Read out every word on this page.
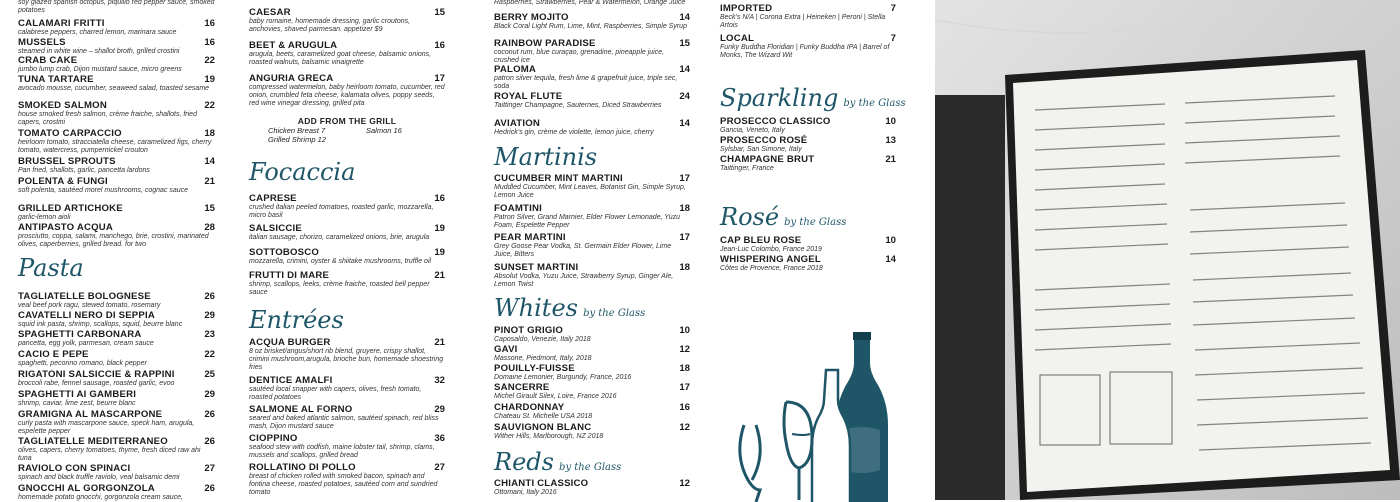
soy glazed spanish octopus, piquillo red pepper sauce, smoked potatoes
CALAMARI FRITTI	16
calabrese peppers, charred lemon, marinara sauce
MUSSELS	16
steamed in white wine – shallot broth, grilled crostini
CRAB CAKE	22
jumbo lump crab, Dijon mustard sauce, micro greens
TUNA TARTARE	19
avocado mousse, cucumber, seaweed salad, toasted sesame
SMOKED SALMON	22
house smoked fresh salmon, crème fraiche, shallots, fried capers, crostini
TOMATO CARPACCIO	18
heirloom tomato, stracciatella cheese, caramelized figs, cherry tomato, watercress, pumpernickel crouton
BRUSSEL SPROUTS	14
Pan fried, shallots, garlic, pancetta lardons
POLENTA & FUNGI	21
soft polenta, sautéed morel mushrooms, cognac sauce
GRILLED ARTICHOKE	15
garlic-lemon aioli
ANTIPASTO ACQUA	28
prosciutto, coppa, salami, manchego, brie, crostini, marinated olives, caperberries, grilled bread. for two
Pasta
TAGLIATELLE BOLOGNESE	26
veal beef pork ragu, stewed tomato, rosemary
CAVATELLI NERO DI SEPPIA	29
squid ink pasta, shrimp, scallops, squid, beurre blanc
SPAGHETTI CARBONARA	23
pancetta, egg yolk, parmesan, cream sauce
CACIO E PEPE	22
spaghetti, pecorino romano, black pepper
RIGATONI SALSICCIE & RAPPINI	25
broccoli rabe, fennel sausage, roasted garlic, evoo
SPAGHETTI AI GAMBERI	29
shrimp, caviar, lime zest, beurre blanc
GRAMIGNA AL MASCARPONE	26
curly pasta with mascarpone sauce, speck ham, arugula, espelette pepper
TAGLIATELLE MEDITERRANEO	26
olives, capers, cherry tomatoes, thyme, fresh diced raw ahi tuna
RAVIOLO CON SPINACI	27
spinach and black truffle raviolo, veal balsamic demi
GNOCCHI AL GORGONZOLA	26
homemade potato gnocchi, gorgonzola cream sauce,
CAESAR	15
baby romaine, homemade dressing, garlic croutons, anchovies, shaved parmesan. appetizer $9
BEET & ARUGULA	16
arugula, beets, caramelized goat cheese, balsamic onions, roasted walnuts, balsamic vinaigrette
ANGURIA GRECA	17
compressed watermelon, baby heirloom tomato, cucumber, red onion, crumbled feta cheese, kalamata olives, poppy seeds, red wine vinegar dressing, grilled pita
ADD FROM THE GRILL
Chicken Breast 7	Salmon 16
Grilled Shrimp 12
Focaccia
CAPRESE	16
crushed italian peeled tomatoes, roasted garlic, mozzarella, micro basil
SALSICCIE	19
italian sausage, chorizo, caramelized onions, brie, arugula
SOTTOBOSCO	19
mozzarella, crimini, oyster & shiitake mushrooms, truffle oil
FRUTTI DI MARE	21
shrimp, scallops, leeks, crème fraiche, roasted bell pepper sauce
Entrées
ACQUA BURGER	21
8 oz brisket/angus/short rib blend, gruyere, crispy shallot, crimini mushroom,arugula, brioche bun, homemade shoestring fries
DENTICE AMALFI	32
sautéed local snapper with capers, olives, fresh tomato, roasted potatoes
SALMONE AL FORNO	29
seared and baked atlantic salmon, sautéed spinach, red bliss mash, Dijon mustard sauce
CIOPPINO	36
seafood stew with codfish, maine lobster tail, shrimp, clams, mussels and scallops, grilled bread
ROLLATINO DI POLLO	27
breast of chicken rolled with smoked bacon, spinach and fontina cheese, roasted potatoes, sautéed corn and sundried tomato
Raspberries, Strawberries, Pear & Watermelon, Orange Juice
BERRY MOJITO	14
Black Coral Light Rum, Lime, Mint, Raspberries, Simple Syrup
RAINBOW PARADISE	15
coconut rum, blue curaçao, grenadine, pineapple juice, crushed ice
PALOMA	14
patron silver tequila, fresh lime & grapefruit juice, triple sec, soda
ROYAL FLUTE	24
Taittinger Champagne, Sauternes, Diced Strawberries
AVIATION	14
Hedrick's gin, crème de violette, lemon juice, cherry
Martinis
CUCUMBER MINT MARTINI	17
Muddled Cucumber, Mint Leaves, Botanist Gin, Simple Syrup, Lemon Juice
FOAMTINI	18
Patron Silver, Grand Marnier, Elder Flower Lemonade, Yuzu Foam, Espelette Pepper
PEAR MARTINI	17
Grey Goose Pear Vodka, St. Germain Elder Flower, Lime Juice, Bitters
SUNSET MARTINI	18
Absolut Vodka, Yuzu Juice, Strawberry Syrup, Ginger Ale, Lemon Twist
Whites by the Glass
PINOT GRIGIO	10
Caposaldo, Venezie, Italy 2018
GAVI	12
Massone, Piedmont, Italy, 2018
POUILLY-FUISSE	18
Domaine Lemonier, Burgundy, France, 2016
SANCERRE	17
Michel Girault Silex, Loire, France 2016
CHARDONNAY	16
Chateau St. Michelle USA 2018
SAUVIGNON BLANC	12
Wither Hills, Marlborough, NZ 2018
Reds by the Glass
CHIANTI CLASSICO	12
Ottomani, Italy 2016
IMPORTED	7
Beck's N/A | Corona Extra | Heineken | Peroni | Stella Artois
LOCAL	7
Funky Buddha Floridian | Funky Buddha IPA | Barrel of Monks, The Wizard Wit
Sparkling by the Glass
PROSECCO CLASSICO	10
Gancia, Veneto, Italy
PROSECCO ROSÉ	13
Sylsbar, San Simone, Italy
CHAMPAGNE BRUT	21
Taittinger, France
Rosé by the Glass
CAP BLEU ROSE	10
Jean-Luc Colombo, France 2019
WHISPERING ANGEL	14
Côtes de Provence, France 2018
